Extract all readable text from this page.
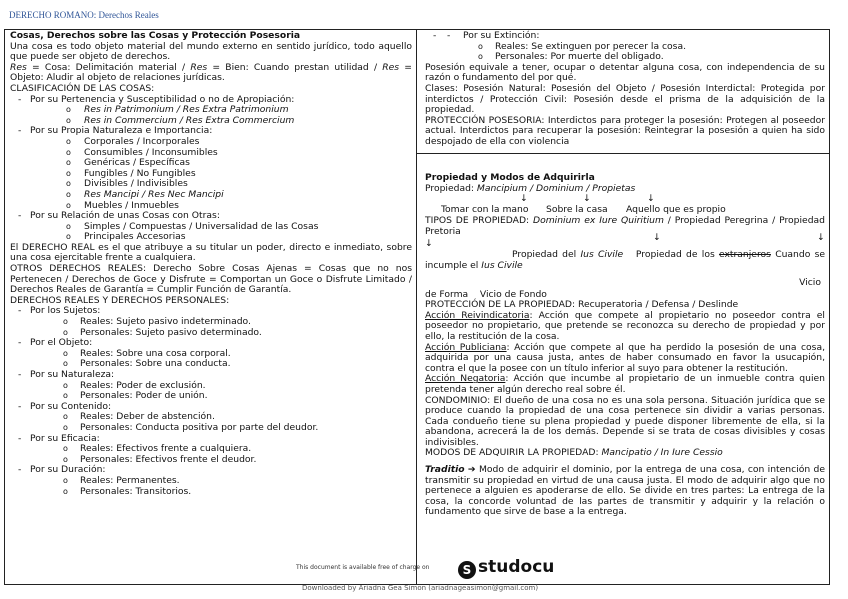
DERECHO ROMANO: Derechos Reales

Cosas, Derechos sobre las Cosas y Protección Posesoria

Una cosa es todo objeto material del mundo externo en sentido jurídico, todo aquello que puede ser objeto de derechos.

Res = Cosa: Delimitación material / Res = Bien: Cuando prestan utilidad / Res = Objeto: Aludir al objeto de relaciones jurídicas.

CLASIFICACIÓN DE LAS COSAS:

- Por su Pertenencia y Susceptibilidad o no de Apropiación:

o Res in Patrimonium / Res Extra Patrimonium

o Res in Commercium / Res Extra Commercium

- Por su Propia Naturaleza e Importancia:

o Corporales / Incorporales

o Consumibles / Inconsumibles

o Genéricas / Específicas

o Fungibles / No Fungibles

o Divisibles / Indivisibles

o Res Mancipi / Res Nec Mancipi

o Muebles / Inmuebles

- Por su Relación de unas Cosas con Otras:

o Simples / Compuestas / Universalidad de las Cosas

o Principales Accesorias

El DERECHO REAL es el que atribuye a su titular un poder, directo e inmediato, sobre una cosa ejercitable frente a cualquiera.

OTROS DERECHOS REALES: Derecho Sobre Cosas Ajenas = Cosas que no nos Pertenecen / Derechos de Goce y Disfrute = Comportan un Goce o Disfrute Limitado / Derechos Reales de Garantía = Cumplir Función de Garantía.

DERECHOS REALES Y DERECHOS PERSONALES:

- Por los Sujetos:

o Reales: Sujeto pasivo indeterminado.

o Personales: Sujeto pasivo determinado.

- Por el Objeto:

o Reales: Sobre una cosa corporal.

o Personales: Sobre una conducta.

- Por su Naturaleza:

o Reales: Poder de exclusión.

o Personales: Poder de unión.

- Por su Contenido:

o Reales: Deber de abstención.

o Personales: Conducta positiva por parte del deudor.

- Por su Eficacia:

o Reales: Efectivos frente a cualquiera.

o Personales: Efectivos frente el deudor.

- Por su Duración:

o Reales: Permanentes.

o Personales: Transitorios.

- - Por su Extinción:

o Reales: Se extinguen por perecer la cosa.

o Personales: Por muerte del obligado.

Posesión equivale a tener, ocupar o detentar alguna cosa, con independencia de su razón o fundamento del por qué.

Clases: Posesión Natural: Posesión del Objeto / Posesión Interdictal: Protegida por interdictos / Protección Civil: Posesión desde el prisma de la adquisición de la propiedad.

PROTECCIÓN POSESORIA: Interdictos para proteger la posesión: Protegen al poseedor actual. Interdictos para recuperar la posesión: Reintegrar la posesión a quien ha sido despojado de ella con violencia

Propiedad y Modos de Adquirirla

Propiedad: Mancipium / Dominium / Propietas

↓	↓	↓
Tomar con la mano Sobre la casa Aquello que es propio

TIPOS DE PROPIEDAD: Dominium ex Iure Quiritium / Propiedad Peregrina / Propiedad Pretoria

↓
↓	↓

Propiedad del Ius Civile Propiedad de los extranjeros Cuando se incumple el Ius Civile

Vicio

de Forma Vicio de Fondo

PROTECCIÓN DE LA PROPIEDAD: Recuperatoria / Defensa / Deslinde

Acción Reivindicatoria: Acción que compete al propietario no poseedor contra el poseedor no propietario, que pretende se reconozca su derecho de propiedad y por ello, la restitución de la cosa.

Acción Publiciana: Acción que compete al que ha perdido la posesión de una cosa, adquirida por una causa justa, antes de haber consumado en favor la usucapión, contra el que la posee con un título inferior al suyo para obtener la restitución.

Acción Negatoria: Acción que incumbe al propietario de un inmueble contra quien pretenda tener algún derecho real sobre él.

CONDOMINIO: El dueño de una cosa no es una sola persona. Situación jurídica que se produce cuando la propiedad de una cosa pertenece sin dividir a varias personas. Cada condueño tiene su plena propiedad y puede disponer libremente de ella, si la abandona, acrecerá la de los demás. Depende si se trata de cosas divisibles y cosas indivisibles.

MODOS DE ADQUIRIR LA PROPIEDAD: Mancipatio / In Iure Cessio

Traditio ➔ Modo de adquirir el dominio, por la entrega de una cosa, con intención de transmitir su propiedad en virtud de una causa justa. El modo de adquirir algo que no pertenece a alguien es apoderarse de ello. Se divide en tres partes: La entrega de la cosa, la concorde voluntad de las partes de transmitir y adquirir y la relación o fundamento que sirve de base a la entrega.

This document is available free of charge on	S studocu
Downloaded by Ariadna Gea Simon (ariadnageasimon@gmail.com)
